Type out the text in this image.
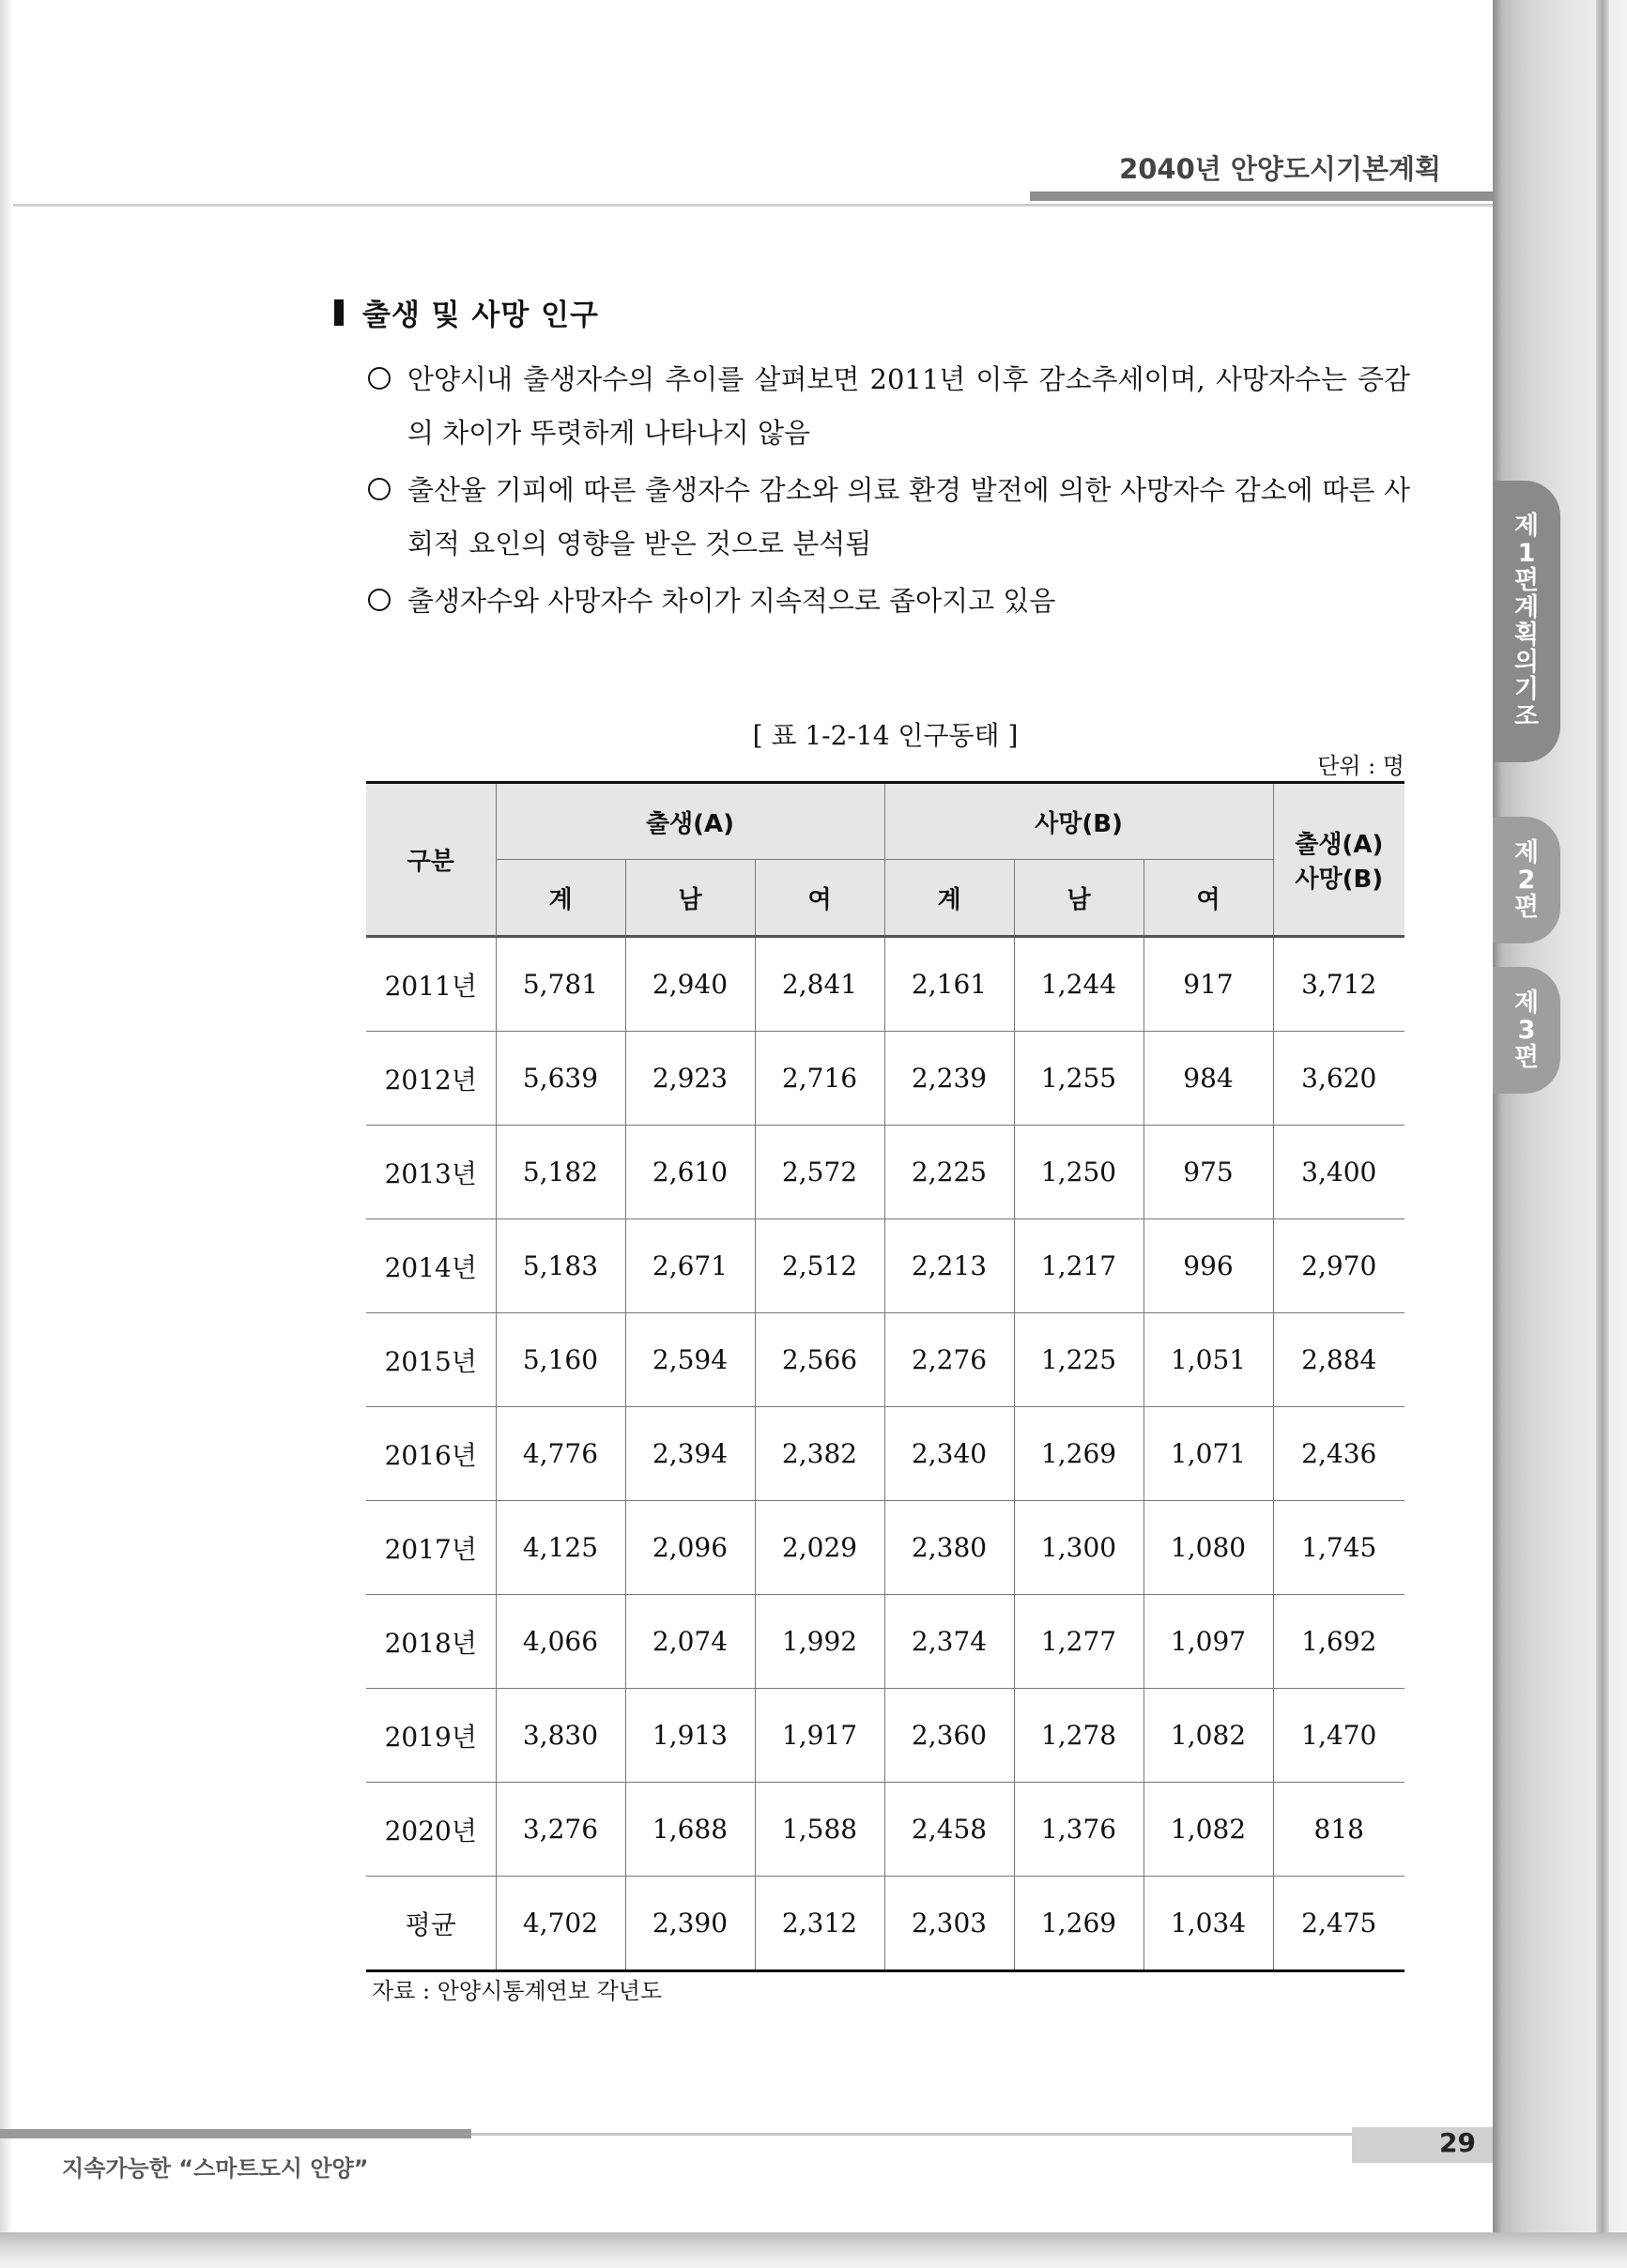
2040년 안양도시기본계획
제1편 계획의 기조
제2편
제3편
출생 및 사망 인구
안양시내 출생자수의 추이를 살펴보면 2011년 이후 감소추세이며, 사망자수는 증감의 차이가 뚜렷하게 나타나지 않음
출산율 기피에 따른 출생자수 감소와 의료 환경 발전에 의한 사망자수 감소에 따른 사회적 요인의 영향을 받은 것으로 분석됨
출생자수와 사망자수 차이가 지속적으로 좁아지고 있음
[ 표 1-2-14 인구동태 ]
단위 : 명
구분	출생(A)			사망(B)			출생(A)
사망(B)

	계	남	여	계	남	여	
2011년	5,781	2,940	2,841	2,161	1,244	917	3,712
2012년	5,639	2,923	2,716	2,239	1,255	984	3,620
2013년	5,182	2,610	2,572	2,225	1,250	975	3,400
2014년	5,183	2,671	2,512	2,213	1,217	996	2,970
2015년	5,160	2,594	2,566	2,276	1,225	1,051	2,884
2016년	4,776	2,394	2,382	2,340	1,269	1,071	2,436
2017년	4,125	2,096	2,029	2,380	1,300	1,080	1,745
2018년	4,066	2,074	1,992	2,374	1,277	1,097	1,692
2019년	3,830	1,913	1,917	2,360	1,278	1,082	1,470
2020년	3,276	1,688	1,588	2,458	1,376	1,082	818
평균	4,702	2,390	2,312	2,303	1,269	1,034	2,475
자료 : 안양시통계연보 각년도
지속가능한 “스마트도시 안양”
29
